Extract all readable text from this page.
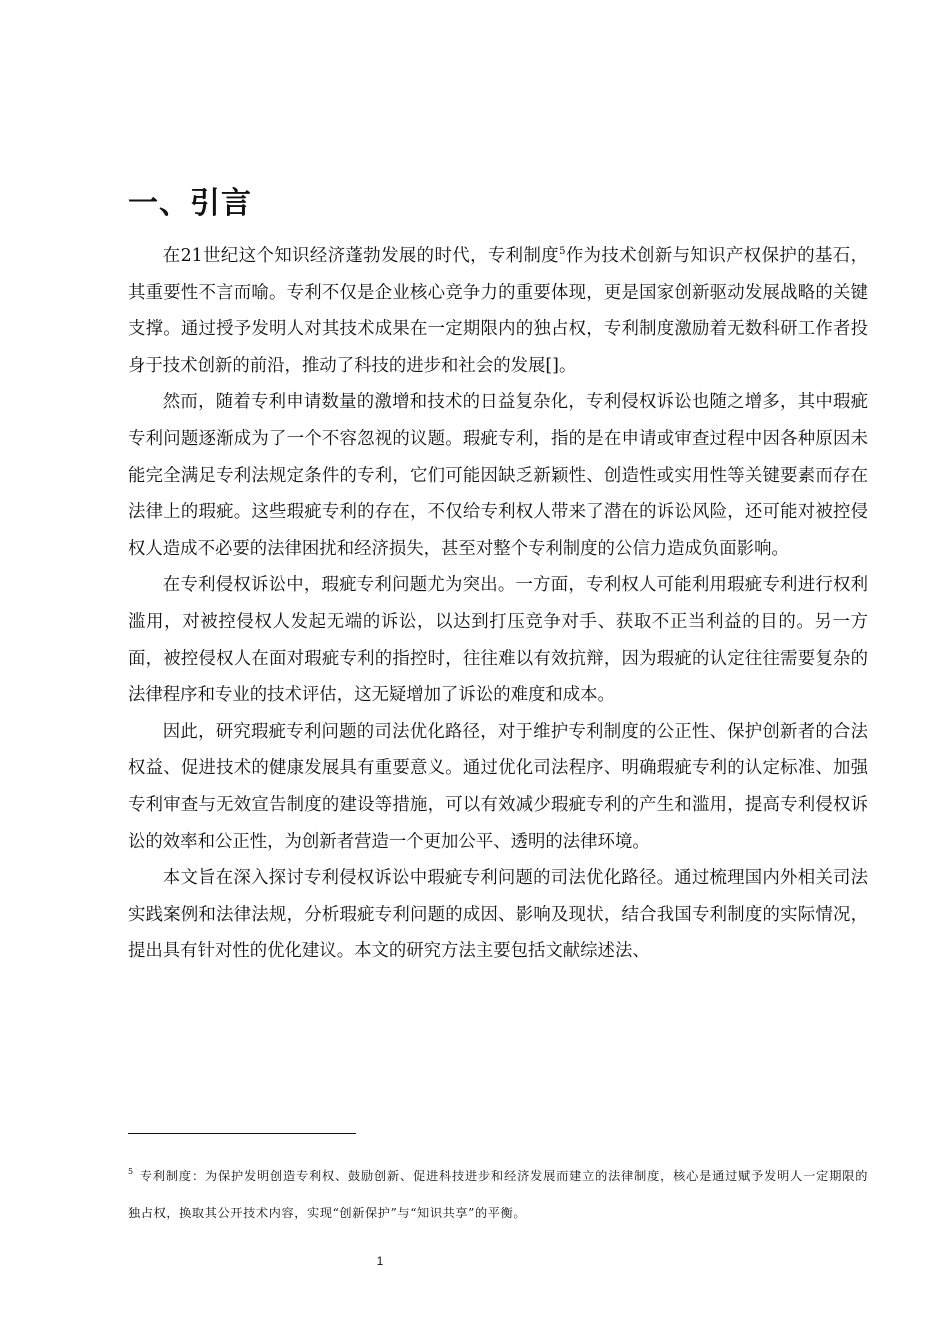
一、引言

在21世纪这个知识经济蓬勃发展的时代，专利制度$^5$作为技术创新与知识产权保护的基石，其重要性不言而喻。专利不仅是企业核心竞争力的重要体现，更是国家创新驱动发展战略的关键支撑。通过授予发明人对其技术成果在一定期限内的独占权，专利制度激励着无数科研工作者投身于技术创新的前沿，推动了科技的进步和社会的发展[]。

然而，随着专利申请数量的激增和技术的日益复杂化，专利侵权诉讼也随之增多，其中瑕疵专利问题逐渐成为了一个不容忽视的议题。瑕疵专利，指的是在申请或审查过程中因各种原因未能完全满足专利法规定条件的专利，它们可能因缺乏新颖性、创造性或实用性等关键要素而存在法律上的瑕疵。这些瑕疵专利的存在，不仅给专利权人带来了潜在的诉讼风险，还可能对被控侵权人造成不必要的法律困扰和经济损失，甚至对整个专利制度的公信力造成负面影响。

在专利侵权诉讼中，瑕疵专利问题尤为突出。一方面，专利权人可能利用瑕疵专利进行权利滥用，对被控侵权人发起无端的诉讼，以达到打压竞争对手、获取不正当利益的目的。另一方面，被控侵权人在面对瑕疵专利的指控时，往往难以有效抗辩，因为瑕疵的认定往往需要复杂的法律程序和专业的技术评估，这无疑增加了诉讼的难度和成本。

因此，研究瑕疵专利问题的司法优化路径，对于维护专利制度的公正性、保护创新者的合法权益、促进技术的健康发展具有重要意义。通过优化司法程序、明确瑕疵专利的认定标准、加强专利审查与无效宣告制度的建设等措施，可以有效减少瑕疵专利的产生和滥用，提高专利侵权诉讼的效率和公正性，为创新者营造一个更加公平、透明的法律环境。

本文旨在深入探讨专利侵权诉讼中瑕疵专利问题的司法优化路径。通过梳理国内外相关司法实践案例和法律法规，分析瑕疵专利问题的成因、影响及现状，结合我国专利制度的实际情况，提出具有针对性的优化建议。本文的研究方法主要包括文献综述法、

$^5$ 专利制度：为保护发明创造专利权、鼓励创新、促进科技进步和经济发展而建立的法律制度，核心是通过赋予发明人一定期限的独占权，换取其公开技术内容，实现“创新保护”与“知识共享”的平衡。
1
